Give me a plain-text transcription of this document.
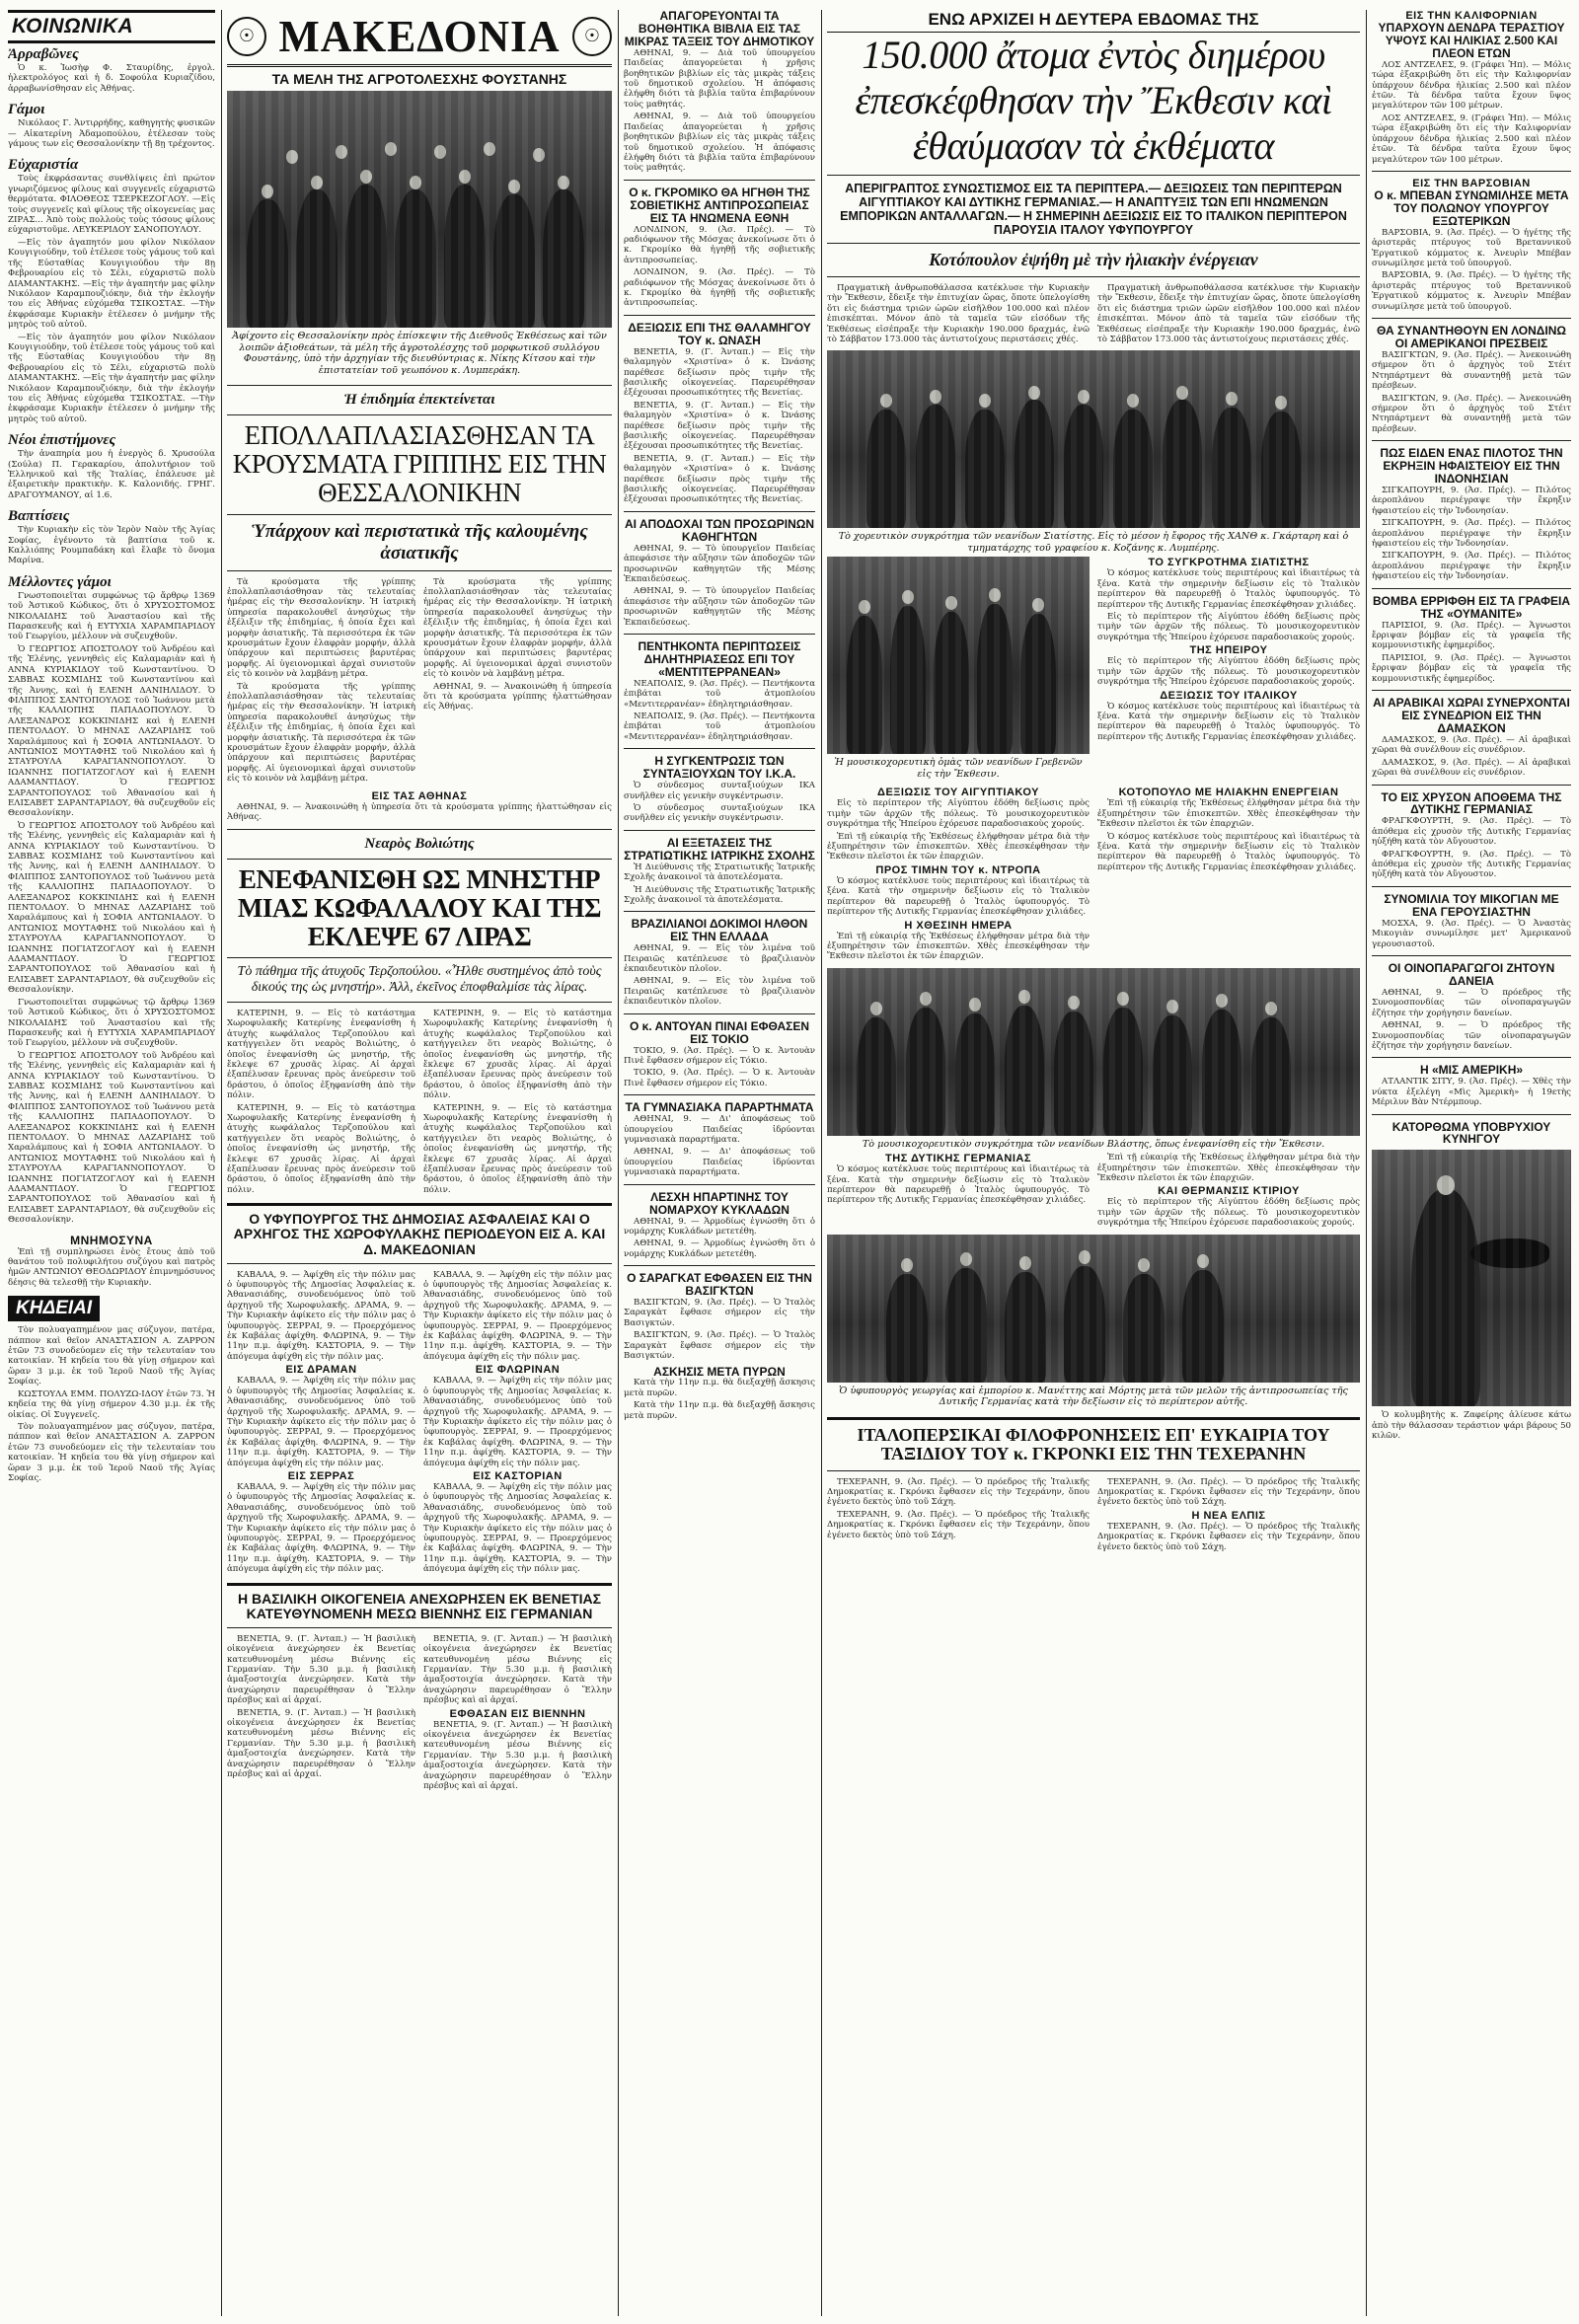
ΚΟΙΝΩΝΙΚΑ
Ἀρραβῶνες

Ὁ κ. Ἰωσὴφ Φ. Σταυρίδης, ἐργολ. ἠλεκτρολόγος καὶ ἡ δ. Σοφούλα Κυριαζίδου, ἀρραβωνίσθησαν εἰς Ἀθήνας.

Γάμοι

Νικόλαος Γ. Ἀντιρρήδης, καθηγητὴς φυσικῶν — Αἰκατερίνη Ἀδαμοπούλου, ἐτέλεσαν τοὺς γάμους των εἰς Θεσσαλονίκην τῇ 8ῃ τρέχοντος.

Εὐχαριστία

Τοὺς ἐκφράσαντας συνθλίψεις ἐπὶ πρώτον γνωριζόμενος φίλους καὶ συγγενεῖς εὐχαριστῶ θερμότατα. ΦΙΛΟΘΕΟΣ ΤΣΕΡΚΕΖΟΓΛΟΥ. —Εἰς τοὺς συγγενεῖς καὶ φίλους τῆς οἰκογενείας μας ΖΙΡΑΣ... Ἀπὸ τοὺς πολλοὺς τοὺς τόσους φίλους εὐχαριστοῦμε. ΛΕΥΚΕΡΙΔΟΥ ΣΑΝΟΠΟΥΛΟΥ.

—Εἰς τὸν ἀγαπητόν μου φίλον Νικόλαον Κουγιγιούδην, τοῦ ἐτέλεσε τοὺς γάμους τοῦ καὶ τῆς Εὐσταθίας Κουγιγιούδου τὴν 8ῃ Φεβρουαρίου εἰς τὸ Σέλι, εὐχαριστῶ πολὺ ΔΙΑΜΑΝΤΑΚΗΣ. —Εἰς τὴν ἀγαπητήν μας φίλην Νικόλαον Καραμπουζιόκην, διὰ τὴν ἐκλογήν του εἰς Ἀθήνας εὐχόμεθα ΤΣΙΚΟΣΤΑΣ. —Τὴν ἐκφράσαμε Κυριακὴν ἐτέλεσεν ὁ μνήμην τῆς μητρὸς τοῦ αὐτοῦ.

—Εἰς τὸν ἀγαπητόν μου φίλον Νικόλαον Κουγιγιούδην, τοῦ ἐτέλεσε τοὺς γάμους τοῦ καὶ τῆς Εὐσταθίας Κουγιγιούδου τὴν 8ῃ Φεβρουαρίου εἰς τὸ Σέλι, εὐχαριστῶ πολὺ ΔΙΑΜΑΝΤΑΚΗΣ. —Εἰς τὴν ἀγαπητήν μας φίλην Νικόλαον Καραμπουζιόκην, διὰ τὴν ἐκλογήν του εἰς Ἀθήνας εὐχόμεθα ΤΣΙΚΟΣΤΑΣ. —Τὴν ἐκφράσαμε Κυριακὴν ἐτέλεσεν ὁ μνήμην τῆς μητρὸς τοῦ αὐτοῦ.

Νέοι ἐπιστήμονες

Τὴν ἀναπηρία μου ἡ ἐνεργὸς δ. Χρυσούλα (Σούλα) Π. Γερακαρίου, ἀπολυτήριον τοῦ Ἑλληνικοῦ καὶ τῆς Ἰταλίας, ἐπάλευσε μὲ ἐξαιρετικὴν πρακτικὴν. Κ. Καλονιδής. ΓΡΗΓ. ΔΡΑΓΟΥΜΑΝΟΥ, αἱ 1.6.

Βαπτίσεις

Τὴν Κυριακὴν εἰς τὸν Ἱερὸν Ναὸν τῆς Ἁγίας Σοφίας, ἐγένοντο τὰ βαπτίσια τοῦ κ. Καλλιόπης Ρουμπαδάκη καὶ ἔλαβε τὸ ὄνομα Μαρίνα.

Μέλλοντες γάμοι

Γνωστοποιεῖται συμφώνως τῷ ἄρθρῳ 1369 τοῦ Ἀστικοῦ Κώδικος, ὅτι ὁ ΧΡΥΣΟΣΤΟΜΟΣ ΝΙΚΟΛΑΙΔΗΣ τοῦ Ἀναστασίου καὶ τῆς Παρασκευῆς καὶ ἡ ΕΥΤΥΧΙΑ ΧΑΡΑΜΠΑΡΙΔΟΥ τοῦ Γεωργίου, μέλλουν νὰ συζευχθοῦν.

Ὁ ΓΕΩΡΓΙΟΣ ΑΠΟΣΤΟΛΟΥ τοῦ Ἀνδρέου καὶ τῆς Ἑλένης, γεννηθεὶς εἰς Καλαμαριὰν καὶ ἡ ΑΝΝΑ ΚΥΡΙΑΚΙΔΟΥ τοῦ Κωνσταντίνου. Ὁ ΣΑΒΒΑΣ ΚΟΣΜΙΔΗΣ τοῦ Κωνσταντίνου καὶ τῆς Ἀννης, καὶ ἡ ΕΛΕΝΗ ΔΑΝΙΗΛΙΔΟΥ. Ὁ ΦΙΛΙΠΠΟΣ ΣΑΝΤΟΠΟΥΛΟΣ τοῦ Ἰωάννου μετὰ τῆς ΚΑΛΛΙΟΠΗΣ ΠΑΠΑΔΟΠΟΥΛΟΥ. Ὁ ΑΛΕΞΑΝΔΡΟΣ ΚΟΚΚΙΝΙΔΗΣ καὶ ἡ ΕΛΕΝΗ ΠΕΝΤΟΛΔΟΥ. Ὁ ΜΗΝΑΣ ΛΑΖΑΡΙΔΗΣ τοῦ Χαραλάμπους καὶ ἡ ΣΟΦΙΑ ΑΝΤΩΝΙΑΔΟΥ. Ὁ ΑΝΤΩΝΙΟΣ ΜΟΥΤΑΦΗΣ τοῦ Νικολάου καὶ ἡ ΣΤΑΥΡΟΥΛΑ ΚΑΡΑΓΙΑΝΝΟΠΟΥΛΟΥ. Ὁ ΙΩΑΝΝΗΣ ΠΟΓΙΑΤΖΟΓΛΟΥ καὶ ἡ ΕΛΕΝΗ ΑΔΑΜΑΝΤΙΔΟΥ. Ὁ ΓΕΩΡΓΙΟΣ ΣΑΡΑΝΤΟΠΟΥΛΟΣ τοῦ Ἀθανασίου καὶ ἡ ΕΛΙΣΑΒΕΤ ΣΑΡΑΝΤΑΡΙΔΟΥ, θὰ συζευχθοῦν εἰς Θεσσαλονίκην.

Ὁ ΓΕΩΡΓΙΟΣ ΑΠΟΣΤΟΛΟΥ τοῦ Ἀνδρέου καὶ τῆς Ἑλένης, γεννηθεὶς εἰς Καλαμαριὰν καὶ ἡ ΑΝΝΑ ΚΥΡΙΑΚΙΔΟΥ τοῦ Κωνσταντίνου. Ὁ ΣΑΒΒΑΣ ΚΟΣΜΙΔΗΣ τοῦ Κωνσταντίνου καὶ τῆς Ἀννης, καὶ ἡ ΕΛΕΝΗ ΔΑΝΙΗΛΙΔΟΥ. Ὁ ΦΙΛΙΠΠΟΣ ΣΑΝΤΟΠΟΥΛΟΣ τοῦ Ἰωάννου μετὰ τῆς ΚΑΛΛΙΟΠΗΣ ΠΑΠΑΔΟΠΟΥΛΟΥ. Ὁ ΑΛΕΞΑΝΔΡΟΣ ΚΟΚΚΙΝΙΔΗΣ καὶ ἡ ΕΛΕΝΗ ΠΕΝΤΟΛΔΟΥ. Ὁ ΜΗΝΑΣ ΛΑΖΑΡΙΔΗΣ τοῦ Χαραλάμπους καὶ ἡ ΣΟΦΙΑ ΑΝΤΩΝΙΑΔΟΥ. Ὁ ΑΝΤΩΝΙΟΣ ΜΟΥΤΑΦΗΣ τοῦ Νικολάου καὶ ἡ ΣΤΑΥΡΟΥΛΑ ΚΑΡΑΓΙΑΝΝΟΠΟΥΛΟΥ. Ὁ ΙΩΑΝΝΗΣ ΠΟΓΙΑΤΖΟΓΛΟΥ καὶ ἡ ΕΛΕΝΗ ΑΔΑΜΑΝΤΙΔΟΥ. Ὁ ΓΕΩΡΓΙΟΣ ΣΑΡΑΝΤΟΠΟΥΛΟΣ τοῦ Ἀθανασίου καὶ ἡ ΕΛΙΣΑΒΕΤ ΣΑΡΑΝΤΑΡΙΔΟΥ, θὰ συζευχθοῦν εἰς Θεσσαλονίκην.

Γνωστοποιεῖται συμφώνως τῷ ἄρθρῳ 1369 τοῦ Ἀστικοῦ Κώδικος, ὅτι ὁ ΧΡΥΣΟΣΤΟΜΟΣ ΝΙΚΟΛΑΙΔΗΣ τοῦ Ἀναστασίου καὶ τῆς Παρασκευῆς καὶ ἡ ΕΥΤΥΧΙΑ ΧΑΡΑΜΠΑΡΙΔΟΥ τοῦ Γεωργίου, μέλλουν νὰ συζευχθοῦν.

Ὁ ΓΕΩΡΓΙΟΣ ΑΠΟΣΤΟΛΟΥ τοῦ Ἀνδρέου καὶ τῆς Ἑλένης, γεννηθεὶς εἰς Καλαμαριὰν καὶ ἡ ΑΝΝΑ ΚΥΡΙΑΚΙΔΟΥ τοῦ Κωνσταντίνου. Ὁ ΣΑΒΒΑΣ ΚΟΣΜΙΔΗΣ τοῦ Κωνσταντίνου καὶ τῆς Ἀννης, καὶ ἡ ΕΛΕΝΗ ΔΑΝΙΗΛΙΔΟΥ. Ὁ ΦΙΛΙΠΠΟΣ ΣΑΝΤΟΠΟΥΛΟΣ τοῦ Ἰωάννου μετὰ τῆς ΚΑΛΛΙΟΠΗΣ ΠΑΠΑΔΟΠΟΥΛΟΥ. Ὁ ΑΛΕΞΑΝΔΡΟΣ ΚΟΚΚΙΝΙΔΗΣ καὶ ἡ ΕΛΕΝΗ ΠΕΝΤΟΛΔΟΥ. Ὁ ΜΗΝΑΣ ΛΑΖΑΡΙΔΗΣ τοῦ Χαραλάμπους καὶ ἡ ΣΟΦΙΑ ΑΝΤΩΝΙΑΔΟΥ. Ὁ ΑΝΤΩΝΙΟΣ ΜΟΥΤΑΦΗΣ τοῦ Νικολάου καὶ ἡ ΣΤΑΥΡΟΥΛΑ ΚΑΡΑΓΙΑΝΝΟΠΟΥΛΟΥ. Ὁ ΙΩΑΝΝΗΣ ΠΟΓΙΑΤΖΟΓΛΟΥ καὶ ἡ ΕΛΕΝΗ ΑΔΑΜΑΝΤΙΔΟΥ. Ὁ ΓΕΩΡΓΙΟΣ ΣΑΡΑΝΤΟΠΟΥΛΟΣ τοῦ Ἀθανασίου καὶ ἡ ΕΛΙΣΑΒΕΤ ΣΑΡΑΝΤΑΡΙΔΟΥ, θὰ συζευχθοῦν εἰς Θεσσαλονίκην.

ΜΝΗΜΟΣΥΝΑ

Ἐπὶ τῇ συμπληρώσει ἑνὸς ἔτους ἀπὸ τοῦ θανάτου τοῦ πολυφιλήτου συζύγου καὶ πατρὸς ἡμῶν ΑΝΤΩΝΙΟΥ ΘΕΟΔΩΡΙΔΟΥ ἐπιμνημόσυνος δέησις θὰ τελεσθῇ τὴν Κυριακὴν.

ΚΗΔΕΙΑΙ

Τὸν πολυαγαπημένον μας σύζυγον, πατέρα, πάππον καὶ θεῖον ΑΝΑΣΤΑΣΙΟΝ Α. ΖΑΡΡΟΝ ἐτῶν 73 συνοδεύομεν εἰς τὴν τελευταίαν του κατοικίαν. Ἡ κηδεία του θὰ γίνῃ σήμερον καὶ ὥραν 3 μ.μ. ἐκ τοῦ Ἱεροῦ Ναοῦ τῆς Ἁγίας Σοφίας.

ΚΩΣΤΟΥΛΑ ΕΜΜ. ΠΟΛΥΖΩ-ΙΔΟΥ ἐτῶν 73. Ἡ κηδεία της θὰ γίνῃ σήμερον 4.30 μ.μ. ἐκ τῆς οἰκίας. Οἱ Συγγενεῖς.

Τὸν πολυαγαπημένον μας σύζυγον, πατέρα, πάππον καὶ θεῖον ΑΝΑΣΤΑΣΙΟΝ Α. ΖΑΡΡΟΝ ἐτῶν 73 συνοδεύομεν εἰς τὴν τελευταίαν του κατοικίαν. Ἡ κηδεία του θὰ γίνῃ σήμερον καὶ ὥραν 3 μ.μ. ἐκ τοῦ Ἱεροῦ Ναοῦ τῆς Ἁγίας Σοφίας.

☉ ΜΑΚΕΔΟΝΙΑ	☉
ΤΑ ΜΕΛΗ ΤΗΣ ΑΓΡΟΤΟΛΕΣΧΗΣ ΦΟΥΣΤΑΝΗΣ
Ἀφίχοντο εἰς Θεσσαλονίκην πρὸς ἐπίσκεψιν τῆς Διεθνοῦς Ἐκθέσεως καὶ τῶν λοιπῶν ἀξιοθεάτων, τὰ μέλη τῆς ἀγροτολέσχης τοῦ μορφωτικοῦ συλλόγου Φουστάνης, ὑπὸ τὴν ἀρχηγίαν τῆς διευθύντριας κ. Νίκης Κίτσου καὶ τὴν ἐπιστατείαν τοῦ γεωπόνου κ. Λυμπεράκη.
Ἡ ἐπιδημία ἐπεκτείνεται
ΕΠΟΛΛΑΠΛΑΣΙΑΣΘΗΣΑΝ ΤΑ ΚΡΟΥΣΜΑΤΑ ΓΡΙΠΠΗΣ ΕΙΣ ΤΗΝ ΘΕΣΣΑΛΟΝΙΚΗΝ
Ὑπάρχουν καὶ περιστατικὰ τῆς καλουμένης ἀσιατικῆς

Τὰ κρούσματα τῆς γρίππης ἐπολλαπλασιάσθησαν τὰς τελευταίας ἡμέρας εἰς τὴν Θεσσαλονίκην. Ἡ ἰατρικὴ ὑπηρεσία παρακολουθεῖ ἀνησύχως τὴν ἐξέλιξιν τῆς ἐπιδημίας, ἡ ὁποία ἔχει καὶ μορφὴν ἀσιατικῆς. Τὰ περισσότερα ἐκ τῶν κρουσμάτων ἔχουν ἐλαφρὰν μορφήν, ἀλλὰ ὑπάρχουν καὶ περιπτώσεις βαρυτέρας μορφῆς. Αἱ ὑγειονομικαὶ ἀρχαὶ συνιστοῦν εἰς τὸ κοινὸν νὰ λαμβάνῃ μέτρα.

Τὰ κρούσματα τῆς γρίππης ἐπολλαπλασιάσθησαν τὰς τελευταίας ἡμέρας εἰς τὴν Θεσσαλονίκην. Ἡ ἰατρικὴ ὑπηρεσία παρακολουθεῖ ἀνησύχως τὴν ἐξέλιξιν τῆς ἐπιδημίας, ἡ ὁποία ἔχει καὶ μορφὴν ἀσιατικῆς. Τὰ περισσότερα ἐκ τῶν κρουσμάτων ἔχουν ἐλαφρὰν μορφήν, ἀλλὰ ὑπάρχουν καὶ περιπτώσεις βαρυτέρας μορφῆς. Αἱ ὑγειονομικαὶ ἀρχαὶ συνιστοῦν εἰς τὸ κοινὸν νὰ λαμβάνῃ μέτρα.

Τὰ κρούσματα τῆς γρίππης ἐπολλαπλασιάσθησαν τὰς τελευταίας ἡμέρας εἰς τὴν Θεσσαλονίκην. Ἡ ἰατρικὴ ὑπηρεσία παρακολουθεῖ ἀνησύχως τὴν ἐξέλιξιν τῆς ἐπιδημίας, ἡ ὁποία ἔχει καὶ μορφὴν ἀσιατικῆς. Τὰ περισσότερα ἐκ τῶν κρουσμάτων ἔχουν ἐλαφρὰν μορφήν, ἀλλὰ ὑπάρχουν καὶ περιπτώσεις βαρυτέρας μορφῆς. Αἱ ὑγειονομικαὶ ἀρχαὶ συνιστοῦν εἰς τὸ κοινὸν νὰ λαμβάνῃ μέτρα.

ΑΘΗΝΑΙ, 9. — Ἀνακοινώθη ἡ ὑπηρεσία ὅτι τὰ κρούσματα γρίππης ἠλαττώθησαν εἰς Ἀθήνας.

ΕΙΣ ΤΑΣ ΑΘΗΝΑΣ

ΑΘΗΝΑΙ, 9. — Ἀνακοινώθη ἡ ὑπηρεσία ὅτι τὰ κρούσματα γρίππης ἠλαττώθησαν εἰς Ἀθήνας.

Νεαρὸς Βολιώτης
ΕΝΕΦΑΝΙΣΘΗ ΩΣ ΜΝΗΣΤΗΡ ΜΙΑΣ ΚΩΦΑΛΑΛΟΥ ΚΑΙ ΤΗΣ ΕΚΛΕΨΕ 67 ΛΙΡΑΣ
Τὸ πάθημα τῆς ἀτυχοῦς Τερζοπούλου. «Ἦλθε συστημένος ἀπὸ τοὺς δικούς της ὡς μνηστήρ». Ἀλλ, ἐκεῖνος ἐποφθαλμίσε τὰς λίρας.

ΚΑΤΕΡΙΝΗ, 9. — Εἰς τὸ κατάστημα Χωροφυλακῆς Κατερίνης ἐνεφανίσθη ἡ ἀτυχὴς κωφάλαλος Τερζοπούλου καὶ κατήγγειλεν ὅτι νεαρὸς Βολιώτης, ὁ ὁποῖος ἐνεφανίσθη ὡς μνηστήρ, τῆς ἔκλεψε 67 χρυσᾶς λίρας. Αἱ ἀρχαὶ ἐξαπέλυσαν ἔρευνας πρὸς ἀνεύρεσιν τοῦ δράστου, ὁ ὁποῖος ἐξηφανίσθη ἀπὸ τὴν πόλιν.

ΚΑΤΕΡΙΝΗ, 9. — Εἰς τὸ κατάστημα Χωροφυλακῆς Κατερίνης ἐνεφανίσθη ἡ ἀτυχὴς κωφάλαλος Τερζοπούλου καὶ κατήγγειλεν ὅτι νεαρὸς Βολιώτης, ὁ ὁποῖος ἐνεφανίσθη ὡς μνηστήρ, τῆς ἔκλεψε 67 χρυσᾶς λίρας. Αἱ ἀρχαὶ ἐξαπέλυσαν ἔρευνας πρὸς ἀνεύρεσιν τοῦ δράστου, ὁ ὁποῖος ἐξηφανίσθη ἀπὸ τὴν πόλιν.

ΚΑΤΕΡΙΝΗ, 9. — Εἰς τὸ κατάστημα Χωροφυλακῆς Κατερίνης ἐνεφανίσθη ἡ ἀτυχὴς κωφάλαλος Τερζοπούλου καὶ κατήγγειλεν ὅτι νεαρὸς Βολιώτης, ὁ ὁποῖος ἐνεφανίσθη ὡς μνηστήρ, τῆς ἔκλεψε 67 χρυσᾶς λίρας. Αἱ ἀρχαὶ ἐξαπέλυσαν ἔρευνας πρὸς ἀνεύρεσιν τοῦ δράστου, ὁ ὁποῖος ἐξηφανίσθη ἀπὸ τὴν πόλιν.

ΚΑΤΕΡΙΝΗ, 9. — Εἰς τὸ κατάστημα Χωροφυλακῆς Κατερίνης ἐνεφανίσθη ἡ ἀτυχὴς κωφάλαλος Τερζοπούλου καὶ κατήγγειλεν ὅτι νεαρὸς Βολιώτης, ὁ ὁποῖος ἐνεφανίσθη ὡς μνηστήρ, τῆς ἔκλεψε 67 χρυσᾶς λίρας. Αἱ ἀρχαὶ ἐξαπέλυσαν ἔρευνας πρὸς ἀνεύρεσιν τοῦ δράστου, ὁ ὁποῖος ἐξηφανίσθη ἀπὸ τὴν πόλιν.

Ο ΥΦΥΠΟΥΡΓΟΣ ΤΗΣ ΔΗΜΟΣΙΑΣ ΑΣΦΑΛΕΙΑΣ ΚΑΙ Ο ΑΡΧΗΓΟΣ ΤΗΣ ΧΩΡΟΦΥΛΑΚΗΣ ΠΕΡΙΟΔΕΥΟΝ ΕΙΣ Α. ΚΑΙ Δ. ΜΑΚΕΔΟΝΙΑΝ

ΚΑΒΑΛΑ, 9. — Ἀφίχθη εἰς τὴν πόλιν μας ὁ ὑφυπουργὸς τῆς Δημοσίας Ἀσφαλείας κ. Ἀθανασιάδης, συνοδευόμενος ὑπὸ τοῦ ἀρχηγοῦ τῆς Χωροφυλακῆς. ΔΡΑΜΑ, 9. — Τὴν Κυριακὴν ἀφίκετο εἰς τὴν πόλιν μας ὁ ὑφυπουργὸς. ΣΕΡΡΑΙ, 9. — Προερχόμενος ἐκ Καβάλας ἀφίχθη. ΦΛΩΡΙΝΑ, 9. — Τὴν 11ην π.μ. ἀφίχθη. ΚΑΣΤΟΡΙΑ, 9. — Τὴν ἀπόγευμα ἀφίχθη εἰς τὴν πόλιν μας.

ΕΙΣ ΔΡΑΜΑΝ

ΚΑΒΑΛΑ, 9. — Ἀφίχθη εἰς τὴν πόλιν μας ὁ ὑφυπουργὸς τῆς Δημοσίας Ἀσφαλείας κ. Ἀθανασιάδης, συνοδευόμενος ὑπὸ τοῦ ἀρχηγοῦ τῆς Χωροφυλακῆς. ΔΡΑΜΑ, 9. — Τὴν Κυριακὴν ἀφίκετο εἰς τὴν πόλιν μας ὁ ὑφυπουργὸς. ΣΕΡΡΑΙ, 9. — Προερχόμενος ἐκ Καβάλας ἀφίχθη. ΦΛΩΡΙΝΑ, 9. — Τὴν 11ην π.μ. ἀφίχθη. ΚΑΣΤΟΡΙΑ, 9. — Τὴν ἀπόγευμα ἀφίχθη εἰς τὴν πόλιν μας.

ΕΙΣ ΣΕΡΡΑΣ

ΚΑΒΑΛΑ, 9. — Ἀφίχθη εἰς τὴν πόλιν μας ὁ ὑφυπουργὸς τῆς Δημοσίας Ἀσφαλείας κ. Ἀθανασιάδης, συνοδευόμενος ὑπὸ τοῦ ἀρχηγοῦ τῆς Χωροφυλακῆς. ΔΡΑΜΑ, 9. — Τὴν Κυριακὴν ἀφίκετο εἰς τὴν πόλιν μας ὁ ὑφυπουργὸς. ΣΕΡΡΑΙ, 9. — Προερχόμενος ἐκ Καβάλας ἀφίχθη. ΦΛΩΡΙΝΑ, 9. — Τὴν 11ην π.μ. ἀφίχθη. ΚΑΣΤΟΡΙΑ, 9. — Τὴν ἀπόγευμα ἀφίχθη εἰς τὴν πόλιν μας.

ΚΑΒΑΛΑ, 9. — Ἀφίχθη εἰς τὴν πόλιν μας ὁ ὑφυπουργὸς τῆς Δημοσίας Ἀσφαλείας κ. Ἀθανασιάδης, συνοδευόμενος ὑπὸ τοῦ ἀρχηγοῦ τῆς Χωροφυλακῆς. ΔΡΑΜΑ, 9. — Τὴν Κυριακὴν ἀφίκετο εἰς τὴν πόλιν μας ὁ ὑφυπουργὸς. ΣΕΡΡΑΙ, 9. — Προερχόμενος ἐκ Καβάλας ἀφίχθη. ΦΛΩΡΙΝΑ, 9. — Τὴν 11ην π.μ. ἀφίχθη. ΚΑΣΤΟΡΙΑ, 9. — Τὴν ἀπόγευμα ἀφίχθη εἰς τὴν πόλιν μας.

ΕΙΣ ΦΛΩΡΙΝΑΝ

ΚΑΒΑΛΑ, 9. — Ἀφίχθη εἰς τὴν πόλιν μας ὁ ὑφυπουργὸς τῆς Δημοσίας Ἀσφαλείας κ. Ἀθανασιάδης, συνοδευόμενος ὑπὸ τοῦ ἀρχηγοῦ τῆς Χωροφυλακῆς. ΔΡΑΜΑ, 9. — Τὴν Κυριακὴν ἀφίκετο εἰς τὴν πόλιν μας ὁ ὑφυπουργὸς. ΣΕΡΡΑΙ, 9. — Προερχόμενος ἐκ Καβάλας ἀφίχθη. ΦΛΩΡΙΝΑ, 9. — Τὴν 11ην π.μ. ἀφίχθη. ΚΑΣΤΟΡΙΑ, 9. — Τὴν ἀπόγευμα ἀφίχθη εἰς τὴν πόλιν μας.

ΕΙΣ ΚΑΣΤΟΡΙΑΝ

ΚΑΒΑΛΑ, 9. — Ἀφίχθη εἰς τὴν πόλιν μας ὁ ὑφυπουργὸς τῆς Δημοσίας Ἀσφαλείας κ. Ἀθανασιάδης, συνοδευόμενος ὑπὸ τοῦ ἀρχηγοῦ τῆς Χωροφυλακῆς. ΔΡΑΜΑ, 9. — Τὴν Κυριακὴν ἀφίκετο εἰς τὴν πόλιν μας ὁ ὑφυπουργὸς. ΣΕΡΡΑΙ, 9. — Προερχόμενος ἐκ Καβάλας ἀφίχθη. ΦΛΩΡΙΝΑ, 9. — Τὴν 11ην π.μ. ἀφίχθη. ΚΑΣΤΟΡΙΑ, 9. — Τὴν ἀπόγευμα ἀφίχθη εἰς τὴν πόλιν μας.

Η ΒΑΣΙΛΙΚΗ ΟΙΚΟΓΕΝΕΙΑ ΑΝΕΧΩΡΗΣΕΝ ΕΚ ΒΕΝΕΤΙΑΣ ΚΑΤΕΥΘΥΝΟΜΕΝΗ ΜΕΣΩ ΒΙΕΝΝΗΣ ΕΙΣ ΓΕΡΜΑΝΙΑΝ

ΒΕΝΕΤΙΑ, 9. (Γ. Ἀνταπ.) — Ἡ βασιλικὴ οἰκογένεια ἀνεχώρησεν ἐκ Βενετίας κατευθυνομένη μέσω Βιέννης εἰς Γερμανίαν. Τὴν 5.30 μ.μ. ἡ βασιλικὴ ἀμαξοστοιχία ἀνεχώρησεν. Κατὰ τὴν ἀναχώρησιν παρευρέθησαν ὁ Ἕλλην πρέσβυς καὶ αἱ ἀρχαί.

ΒΕΝΕΤΙΑ, 9. (Γ. Ἀνταπ.) — Ἡ βασιλικὴ οἰκογένεια ἀνεχώρησεν ἐκ Βενετίας κατευθυνομένη μέσω Βιέννης εἰς Γερμανίαν. Τὴν 5.30 μ.μ. ἡ βασιλικὴ ἀμαξοστοιχία ἀνεχώρησεν. Κατὰ τὴν ἀναχώρησιν παρευρέθησαν ὁ Ἕλλην πρέσβυς καὶ αἱ ἀρχαί.

ΒΕΝΕΤΙΑ, 9. (Γ. Ἀνταπ.) — Ἡ βασιλικὴ οἰκογένεια ἀνεχώρησεν ἐκ Βενετίας κατευθυνομένη μέσω Βιέννης εἰς Γερμανίαν. Τὴν 5.30 μ.μ. ἡ βασιλικὴ ἀμαξοστοιχία ἀνεχώρησεν. Κατὰ τὴν ἀναχώρησιν παρευρέθησαν ὁ Ἕλλην πρέσβυς καὶ αἱ ἀρχαί.

ΕΦΘΑΣΑΝ ΕΙΣ ΒΙΕΝΝΗΝ

ΒΕΝΕΤΙΑ, 9. (Γ. Ἀνταπ.) — Ἡ βασιλικὴ οἰκογένεια ἀνεχώρησεν ἐκ Βενετίας κατευθυνομένη μέσω Βιέννης εἰς Γερμανίαν. Τὴν 5.30 μ.μ. ἡ βασιλικὴ ἀμαξοστοιχία ἀνεχώρησεν. Κατὰ τὴν ἀναχώρησιν παρευρέθησαν ὁ Ἕλλην πρέσβυς καὶ αἱ ἀρχαί.

ΑΠΑΓΟΡΕΥΟΝΤΑΙ ΤΑ ΒΟΗΘΗΤΙΚΑ ΒΙΒΛΙΑ ΕΙΣ ΤΑΣ ΜΙΚΡΑΣ ΤΑΞΕΙΣ ΤΟΥ ΔΗΜΟΤΙΚΟΥ

ΑΘΗΝΑΙ, 9. — Διὰ τοῦ ὑπουργείου Παιδείας ἀπαγορεύεται ἡ χρῆσις βοηθητικῶν βιβλίων εἰς τὰς μικρὰς τάξεις τοῦ δημοτικοῦ σχολείου. Ἡ ἀπόφασις ἐλήφθη διότι τὰ βιβλία ταῦτα ἐπιβαρύνουν τοὺς μαθητάς.

ΑΘΗΝΑΙ, 9. — Διὰ τοῦ ὑπουργείου Παιδείας ἀπαγορεύεται ἡ χρῆσις βοηθητικῶν βιβλίων εἰς τὰς μικρὰς τάξεις τοῦ δημοτικοῦ σχολείου. Ἡ ἀπόφασις ἐλήφθη διότι τὰ βιβλία ταῦτα ἐπιβαρύνουν τοὺς μαθητάς.

Ο κ. ΓΚΡΟΜΙΚΟ ΘΑ ΗΓΗΘΗ ΤΗΣ ΣΟΒΙΕΤΙΚΗΣ ΑΝΤΙΠΡΟΣΩΠΕΙΑΣ ΕΙΣ ΤΑ ΗΝΩΜΕΝΑ ΕΘΝΗ

ΛΟΝΔΙΝΟΝ, 9. (Ἀσ. Πρές). — Τὸ ραδιόφωνον τῆς Μόσχας ἀνεκοίνωσε ὅτι ὁ κ. Γκρομίκο θὰ ἡγηθῇ τῆς σοβιετικῆς ἀντιπροσωπείας.

ΛΟΝΔΙΝΟΝ, 9. (Ἀσ. Πρές). — Τὸ ραδιόφωνον τῆς Μόσχας ἀνεκοίνωσε ὅτι ὁ κ. Γκρομίκο θὰ ἡγηθῇ τῆς σοβιετικῆς ἀντιπροσωπείας.

ΔΕΞΙΩΣΙΣ ΕΠΙ ΤΗΣ ΘΑΛΑΜΗΓΟΥ ΤΟΥ κ. ΩΝΑΣΗ

ΒΕΝΕΤΙΑ, 9. (Γ. Ἀνταπ.) — Εἰς τὴν θαλαμηγὸν «Χριστίνα» ὁ κ. Ὠνάσης παρέθεσε δεξίωσιν πρὸς τιμὴν τῆς βασιλικῆς οἰκογενείας. Παρευρέθησαν ἐξέχουσαι προσωπικότητες τῆς Βενετίας.

ΒΕΝΕΤΙΑ, 9. (Γ. Ἀνταπ.) — Εἰς τὴν θαλαμηγὸν «Χριστίνα» ὁ κ. Ὠνάσης παρέθεσε δεξίωσιν πρὸς τιμὴν τῆς βασιλικῆς οἰκογενείας. Παρευρέθησαν ἐξέχουσαι προσωπικότητες τῆς Βενετίας.

ΒΕΝΕΤΙΑ, 9. (Γ. Ἀνταπ.) — Εἰς τὴν θαλαμηγὸν «Χριστίνα» ὁ κ. Ὠνάσης παρέθεσε δεξίωσιν πρὸς τιμὴν τῆς βασιλικῆς οἰκογενείας. Παρευρέθησαν ἐξέχουσαι προσωπικότητες τῆς Βενετίας.

ΑΙ ΑΠΟΔΟΧΑΙ ΤΩΝ ΠΡΟΣΩΡΙΝΩΝ ΚΑΘΗΓΗΤΩΝ

ΑΘΗΝΑΙ, 9. — Τὸ ὑπουργεῖον Παιδείας ἀπεφάσισε τὴν αὔξησιν τῶν ἀποδοχῶν τῶν προσωρινῶν καθηγητῶν τῆς Μέσης Ἐκπαιδεύσεως.

ΑΘΗΝΑΙ, 9. — Τὸ ὑπουργεῖον Παιδείας ἀπεφάσισε τὴν αὔξησιν τῶν ἀποδοχῶν τῶν προσωρινῶν καθηγητῶν τῆς Μέσης Ἐκπαιδεύσεως.

ΠΕΝΤΗΚΟΝΤΑ ΠΕΡΙΠΤΩΣΕΙΣ ΔΗΛΗΤΗΡΙΑΣΕΩΣ ΕΠΙ ΤΟΥ «ΜΕΝΤΙΤΕΡΡΑΝΕΑΝ»

ΝΕΑΠΟΛΙΣ, 9. (Ἀσ. Πρές). — Πεντήκοντα ἐπιβάται τοῦ ἀτμοπλοίου «Μεντιτερρανέαν» ἐδηλητηριάσθησαν.

ΝΕΑΠΟΛΙΣ, 9. (Ἀσ. Πρές). — Πεντήκοντα ἐπιβάται τοῦ ἀτμοπλοίου «Μεντιτερρανέαν» ἐδηλητηριάσθησαν.

Η ΣΥΓΚΕΝΤΡΩΣΙΣ ΤΩΝ ΣΥΝΤΑΞΙΟΥΧΩΝ ΤΟΥ Ι.Κ.Α.

Ὁ σύνδεσμος συνταξιούχων ΙΚΑ συνῆλθεν εἰς γενικὴν συγκέντρωσιν.

Ὁ σύνδεσμος συνταξιούχων ΙΚΑ συνῆλθεν εἰς γενικὴν συγκέντρωσιν.

ΑΙ ΕΞΕΤΑΣΕΙΣ ΤΗΣ ΣΤΡΑΤΙΩΤΙΚΗΣ ΙΑΤΡΙΚΗΣ ΣΧΟΛΗΣ

Ἡ Διεύθυνσις τῆς Στρατιωτικῆς Ἰατρικῆς Σχολῆς ἀνακοινοῖ τὰ ἀποτελέσματα.

Ἡ Διεύθυνσις τῆς Στρατιωτικῆς Ἰατρικῆς Σχολῆς ἀνακοινοῖ τὰ ἀποτελέσματα.

ΒΡΑΖΙΛΙΑΝΟΙ ΔΟΚΙΜΟΙ ΗΛΘΟΝ ΕΙΣ ΤΗΝ ΕΛΛΑΔΑ

ΑΘΗΝΑΙ, 9. — Εἰς τὸν λιμένα τοῦ Πειραιῶς κατέπλευσε τὸ βραζιλιανὸν ἐκπαιδευτικὸν πλοῖον.

ΑΘΗΝΑΙ, 9. — Εἰς τὸν λιμένα τοῦ Πειραιῶς κατέπλευσε τὸ βραζιλιανὸν ἐκπαιδευτικὸν πλοῖον.

Ο κ. ΑΝΤΟΥΑΝ ΠΙΝΑΙ ΕΦΘΑΣΕΝ ΕΙΣ ΤΟΚΙΟ

ΤΟΚΙΟ, 9. (Ἀσ. Πρές). — Ὁ κ. Ἀντουὰν Πινὲ ἔφθασεν σήμερον εἰς Τόκιο.

ΤΟΚΙΟ, 9. (Ἀσ. Πρές). — Ὁ κ. Ἀντουὰν Πινὲ ἔφθασεν σήμερον εἰς Τόκιο.

ΤΑ ΓΥΜΝΑΣΙΑΚΑ ΠΑΡΑΡΤΗΜΑΤΑ

ΑΘΗΝΑΙ, 9. — Δι' ἀποφάσεως τοῦ ὑπουργείου Παιδείας ἱδρύονται γυμνασιακὰ παραρτήματα.

ΑΘΗΝΑΙ, 9. — Δι' ἀποφάσεως τοῦ ὑπουργείου Παιδείας ἱδρύονται γυμνασιακὰ παραρτήματα.

ΛΕΣΧΗ ΗΠΑΡΤΙΝΗΣ ΤΟΥ ΝΟΜΑΡΧΟΥ ΚΥΚΛΑΔΩΝ

ΑΘΗΝΑΙ, 9. — Ἀρμοδίως ἐγνώσθη ὅτι ὁ νομάρχης Κυκλάδων μετετέθη.

ΑΘΗΝΑΙ, 9. — Ἀρμοδίως ἐγνώσθη ὅτι ὁ νομάρχης Κυκλάδων μετετέθη.

Ο ΣΑΡΑΓΚΑΤ ΕΦΘΑΣΕΝ ΕΙΣ ΤΗΝ ΒΑΣΙΓΚΤΩΝ

ΒΑΣΙΓΚΤΩΝ, 9. (Ἀσ. Πρές). — Ὁ Ἰταλὸς Σαραγκὰτ ἔφθασε σήμερον εἰς τὴν Βασιγκτών.

ΒΑΣΙΓΚΤΩΝ, 9. (Ἀσ. Πρές). — Ὁ Ἰταλὸς Σαραγκὰτ ἔφθασε σήμερον εἰς τὴν Βασιγκτών.

ΑΣΚΗΣΙΣ ΜΕΤΑ ΠΥΡΩΝ

Κατὰ τὴν 11ην π.μ. θὰ διεξαχθῇ ἄσκησις μετὰ πυρῶν.

Κατὰ τὴν 11ην π.μ. θὰ διεξαχθῇ ἄσκησις μετὰ πυρῶν.

ΕΝΩ ΑΡΧΙΖΕΙ Η ΔΕΥΤΕΡΑ ΕΒΔΟΜΑΣ ΤΗΣ
150.000 ἄτομα ἐντὸς διημέρου ἐπεσκέφθησαν τὴν Ἔκθεσιν καὶ ἐθαύμασαν τὰ ἐκθέματα
ΑΠΕΡΙΓΡΑΠΤΟΣ ΣΥΝΩΣΤΙΣΜΟΣ ΕΙΣ ΤΑ ΠΕΡΙΠΤΕΡΑ.— ΔΕΞΙΩΣΕΙΣ ΤΩΝ ΠΕΡΙΠΤΕΡΩΝ ΑΙΓΥΠΤΙΑΚΟΥ ΚΑΙ ΔΥΤΙΚΗΣ ΓΕΡΜΑΝΙΑΣ.— Η ΑΝΑΠΤΥΞΙΣ ΤΩΝ ΕΠΙ ΗΝΩΜΕΝΩΝ ΕΜΠΟΡΙΚΩΝ ΑΝΤΑΛΛΑΓΩΝ.— Η ΣΗΜΕΡΙΝΗ ΔΕΞΙΩΣΙΣ ΕΙΣ ΤΟ ΙΤΑΛΙΚΟΝ ΠΕΡΙΠΤΕΡΟΝ ΠΑΡΟΥΣΙΑ ΙΤΑΛΟΥ ΥΦΥΠΟΥΡΓΟΥ
Κοτόπουλον ἐψήθη μὲ τὴν ἡλιακὴν ἐνέργειαν

Πραγματικὴ ἀνθρωποθάλασσα κατέκλυσε τὴν Κυριακὴν τὴν Ἔκθεσιν, ἔδειξε τὴν ἐπιτυχίαν ὥρας, ὅποτε ὑπελογίσθη ὅτι εἰς διάστημα τριῶν ὡρῶν εἰσῆλθον 100.000 καὶ πλέον ἐπισκέπται. Μόνον ἀπὸ τὰ ταμεῖα τῶν εἰσόδων τῆς Ἐκθέσεως εἰσέπραξε τὴν Κυριακὴν 190.000 δραχμάς, ἐνῶ τὸ Σάββατον 173.000 τὰς ἀντιστοίχους περιστάσεις χθές.

Πραγματικὴ ἀνθρωποθάλασσα κατέκλυσε τὴν Κυριακὴν τὴν Ἔκθεσιν, ἔδειξε τὴν ἐπιτυχίαν ὥρας, ὅποτε ὑπελογίσθη ὅτι εἰς διάστημα τριῶν ὡρῶν εἰσῆλθον 100.000 καὶ πλέον ἐπισκέπται. Μόνον ἀπὸ τὰ ταμεῖα τῶν εἰσόδων τῆς Ἐκθέσεως εἰσέπραξε τὴν Κυριακὴν 190.000 δραχμάς, ἐνῶ τὸ Σάββατον 173.000 τὰς ἀντιστοίχους περιστάσεις χθές.

Τὸ χορευτικὸν συγκρότημα τῶν νεανίδων Σιατίστης. Εἰς τὸ μέσον ἡ ἔφορος τῆς ΧΑΝΘ κ. Γκάρταρη καὶ ὁ τμηματάρχης τοῦ γραφείου κ. Κοζάνης κ. Λυμπέρης.
Ἡ μουσικοχορευτικὴ ὁμὰς τῶν νεανίδων Γρεβενῶν εἰς τὴν Ἔκθεσιν.
ΤΟ ΣΥΓΚΡΟΤΗΜΑ ΣΙΑΤΙΣΤΗΣ

Ὁ κόσμος κατέκλυσε τοὺς περιπτέρους καὶ ἰδιαιτέρως τὰ ξένα. Κατὰ τὴν σημερινὴν δεξίωσιν εἰς τὸ Ἰταλικὸν περίπτερον θὰ παρευρεθῇ ὁ Ἰταλὸς ὑφυπουργός. Τὸ περίπτερον τῆς Δυτικῆς Γερμανίας ἐπεσκέφθησαν χιλιάδες.

Εἰς τὸ περίπτερον τῆς Αἰγύπτου ἐδόθη δεξίωσις πρὸς τιμὴν τῶν ἀρχῶν τῆς πόλεως. Τὸ μουσικοχορευτικὸν συγκρότημα τῆς Ἠπείρου ἐχόρευσε παραδοσιακοὺς χορούς.

ΤΗΣ ΗΠΕΙΡΟΥ

Εἰς τὸ περίπτερον τῆς Αἰγύπτου ἐδόθη δεξίωσις πρὸς τιμὴν τῶν ἀρχῶν τῆς πόλεως. Τὸ μουσικοχορευτικὸν συγκρότημα τῆς Ἠπείρου ἐχόρευσε παραδοσιακοὺς χορούς.

ΔΕΞΙΩΣΙΣ ΤΟΥ ΙΤΑΛΙΚΟΥ

Ὁ κόσμος κατέκλυσε τοὺς περιπτέρους καὶ ἰδιαιτέρως τὰ ξένα. Κατὰ τὴν σημερινὴν δεξίωσιν εἰς τὸ Ἰταλικὸν περίπτερον θὰ παρευρεθῇ ὁ Ἰταλὸς ὑφυπουργός. Τὸ περίπτερον τῆς Δυτικῆς Γερμανίας ἐπεσκέφθησαν χιλιάδες.

ΔΕΞΙΩΣΙΣ ΤΟΥ ΑΙΓΥΠΤΙΑΚΟΥ

Εἰς τὸ περίπτερον τῆς Αἰγύπτου ἐδόθη δεξίωσις πρὸς τιμὴν τῶν ἀρχῶν τῆς πόλεως. Τὸ μουσικοχορευτικὸν συγκρότημα τῆς Ἠπείρου ἐχόρευσε παραδοσιακοὺς χορούς.

Ἐπὶ τῇ εὐκαιρίᾳ τῆς Ἐκθέσεως ἐλήφθησαν μέτρα διὰ τὴν ἐξυπηρέτησιν τῶν ἐπισκεπτῶν. Χθὲς ἐπεσκέφθησαν τὴν Ἔκθεσιν πλεῖστοι ἐκ τῶν ἐπαρχιῶν.

ΠΡΟΣ ΤΙΜΗΝ ΤΟΥ κ. ΝΤΡΟΠΑ

Ὁ κόσμος κατέκλυσε τοὺς περιπτέρους καὶ ἰδιαιτέρως τὰ ξένα. Κατὰ τὴν σημερινὴν δεξίωσιν εἰς τὸ Ἰταλικὸν περίπτερον θὰ παρευρεθῇ ὁ Ἰταλὸς ὑφυπουργός. Τὸ περίπτερον τῆς Δυτικῆς Γερμανίας ἐπεσκέφθησαν χιλιάδες.

Η ΧΘΕΣΙΝΗ ΗΜΕΡΑ

Ἐπὶ τῇ εὐκαιρίᾳ τῆς Ἐκθέσεως ἐλήφθησαν μέτρα διὰ τὴν ἐξυπηρέτησιν τῶν ἐπισκεπτῶν. Χθὲς ἐπεσκέφθησαν τὴν Ἔκθεσιν πλεῖστοι ἐκ τῶν ἐπαρχιῶν.

ΚΟΤΟΠΟΥΛΟ ΜΕ ΗΛΙΑΚΗΝ ΕΝΕΡΓΕΙΑΝ

Ἐπὶ τῇ εὐκαιρίᾳ τῆς Ἐκθέσεως ἐλήφθησαν μέτρα διὰ τὴν ἐξυπηρέτησιν τῶν ἐπισκεπτῶν. Χθὲς ἐπεσκέφθησαν τὴν Ἔκθεσιν πλεῖστοι ἐκ τῶν ἐπαρχιῶν.

Ὁ κόσμος κατέκλυσε τοὺς περιπτέρους καὶ ἰδιαιτέρως τὰ ξένα. Κατὰ τὴν σημερινὴν δεξίωσιν εἰς τὸ Ἰταλικὸν περίπτερον θὰ παρευρεθῇ ὁ Ἰταλὸς ὑφυπουργός. Τὸ περίπτερον τῆς Δυτικῆς Γερμανίας ἐπεσκέφθησαν χιλιάδες.

Τὸ μουσικοχορευτικὸν συγκρότημα τῶν νεανίδων Βλάστης, ὅπως ἐνεφανίσθη εἰς τὴν Ἔκθεσιν.
ΤΗΣ ΔΥΤΙΚΗΣ ΓΕΡΜΑΝΙΑΣ

Ὁ κόσμος κατέκλυσε τοὺς περιπτέρους καὶ ἰδιαιτέρως τὰ ξένα. Κατὰ τὴν σημερινὴν δεξίωσιν εἰς τὸ Ἰταλικὸν περίπτερον θὰ παρευρεθῇ ὁ Ἰταλὸς ὑφυπουργός. Τὸ περίπτερον τῆς Δυτικῆς Γερμανίας ἐπεσκέφθησαν χιλιάδες.

Ἐπὶ τῇ εὐκαιρίᾳ τῆς Ἐκθέσεως ἐλήφθησαν μέτρα διὰ τὴν ἐξυπηρέτησιν τῶν ἐπισκεπτῶν. Χθὲς ἐπεσκέφθησαν τὴν Ἔκθεσιν πλεῖστοι ἐκ τῶν ἐπαρχιῶν.

ΚΑΙ ΘΕΡΜΑΝΣΙΣ ΚΤΙΡΙΟΥ

Εἰς τὸ περίπτερον τῆς Αἰγύπτου ἐδόθη δεξίωσις πρὸς τιμὴν τῶν ἀρχῶν τῆς πόλεως. Τὸ μουσικοχορευτικὸν συγκρότημα τῆς Ἠπείρου ἐχόρευσε παραδοσιακοὺς χορούς.

Ὁ ὑφυπουργὸς γεωργίας καὶ ἐμπορίου κ. Μανέττης καὶ Μόρτης μετὰ τῶν μελῶν τῆς ἀντιπροσωπείας τῆς Δυτικῆς Γερμανίας κατὰ τὴν δεξίωσιν εἰς τὸ περίπτερον αὐτῆς.
ΙΤΑΛΟΠΕΡΣΙΚΑΙ ΦΙΛΟΦΡΟΝΗΣΕΙΣ ΕΠ' ΕΥΚΑΙΡΙΑ ΤΟΥ ΤΑΞΙΔΙΟΥ ΤΟΥ κ. ΓΚΡΟΝΚΙ ΕΙΣ ΤΗΝ ΤΕΧΕΡΑΝΗΝ

ΤΕΧΕΡΑΝΗ, 9. (Ἀσ. Πρές). — Ὁ πρόεδρος τῆς Ἰταλικῆς Δημοκρατίας κ. Γκρόνκι ἔφθασεν εἰς τὴν Τεχεράνην, ὅπου ἐγένετο δεκτὸς ὑπὸ τοῦ Σάχη.

ΤΕΧΕΡΑΝΗ, 9. (Ἀσ. Πρές). — Ὁ πρόεδρος τῆς Ἰταλικῆς Δημοκρατίας κ. Γκρόνκι ἔφθασεν εἰς τὴν Τεχεράνην, ὅπου ἐγένετο δεκτὸς ὑπὸ τοῦ Σάχη.

ΤΕΧΕΡΑΝΗ, 9. (Ἀσ. Πρές). — Ὁ πρόεδρος τῆς Ἰταλικῆς Δημοκρατίας κ. Γκρόνκι ἔφθασεν εἰς τὴν Τεχεράνην, ὅπου ἐγένετο δεκτὸς ὑπὸ τοῦ Σάχη.

Η ΝΕΑ ΕΛΠΙΣ

ΤΕΧΕΡΑΝΗ, 9. (Ἀσ. Πρές). — Ὁ πρόεδρος τῆς Ἰταλικῆς Δημοκρατίας κ. Γκρόνκι ἔφθασεν εἰς τὴν Τεχεράνην, ὅπου ἐγένετο δεκτὸς ὑπὸ τοῦ Σάχη.

ΕΙΣ ΤΗΝ ΚΑΛΙΦΟΡΝΙΑΝ
ΥΠΑΡΧΟΥΝ ΔΕΝΔΡΑ ΤΕΡΑΣΤΙΟΥ ΥΨΟΥΣ ΚΑΙ ΗΛΙΚΙΑΣ 2.500 ΚΑΙ ΠΛΕΟΝ ΕΤΩΝ

ΛΟΣ ΑΝΤΖΕΛΕΣ, 9. (Γράφει Ἡπ). — Μόλις τώρα ἐξακριβώθη ὅτι εἰς τὴν Καλιφορνίαν ὑπάρχουν δένδρα ἡλικίας 2.500 καὶ πλέον ἐτῶν. Τὰ δένδρα ταῦτα ἔχουν ὕψος μεγαλύτερον τῶν 100 μέτρων.

ΛΟΣ ΑΝΤΖΕΛΕΣ, 9. (Γράφει Ἡπ). — Μόλις τώρα ἐξακριβώθη ὅτι εἰς τὴν Καλιφορνίαν ὑπάρχουν δένδρα ἡλικίας 2.500 καὶ πλέον ἐτῶν. Τὰ δένδρα ταῦτα ἔχουν ὕψος μεγαλύτερον τῶν 100 μέτρων.

ΕΙΣ ΤΗΝ ΒΑΡΣΟΒΙΑΝ
Ο κ. ΜΠΕΒΑΝ ΣΥΝΩΜΙΛΗΣΕ ΜΕΤΑ ΤΟΥ ΠΟΛΩΝΟΥ ΥΠΟΥΡΓΟΥ ΕΞΩΤΕΡΙΚΩΝ

ΒΑΡΣΟΒΙΑ, 9. (Ἀσ. Πρές). — Ὁ ἡγέτης τῆς ἀριστερᾶς πτέρυγος τοῦ Βρεταννικοῦ Ἐργατικοῦ κόμματος κ. Ἀνευρὶν Μπέβαν συνωμίλησε μετὰ τοῦ ὑπουργοῦ.

ΒΑΡΣΟΒΙΑ, 9. (Ἀσ. Πρές). — Ὁ ἡγέτης τῆς ἀριστερᾶς πτέρυγος τοῦ Βρεταννικοῦ Ἐργατικοῦ κόμματος κ. Ἀνευρὶν Μπέβαν συνωμίλησε μετὰ τοῦ ὑπουργοῦ.

ΘΑ ΣΥΝΑΝΤΗΘΟΥΝ ΕΝ ΛΟΝΔΙΝΩ ΟΙ ΑΜΕΡΙΚΑΝΟΙ ΠΡΕΣΒΕΙΣ

ΒΑΣΙΓΚΤΩΝ, 9. (Ἀσ. Πρές). — Ἀνεκοινώθη σήμερον ὅτι ὁ ἀρχηγὸς τοῦ Στέιτ Ντηπάρτμεντ θὰ συναντηθῇ μετὰ τῶν πρέσβεων.

ΒΑΣΙΓΚΤΩΝ, 9. (Ἀσ. Πρές). — Ἀνεκοινώθη σήμερον ὅτι ὁ ἀρχηγὸς τοῦ Στέιτ Ντηπάρτμεντ θὰ συναντηθῇ μετὰ τῶν πρέσβεων.

ΠΩΣ ΕΙΔΕΝ ΕΝΑΣ ΠΙΛΟΤΟΣ ΤΗΝ ΕΚΡΗΞΙΝ ΗΦΑΙΣΤΕΙΟΥ ΕΙΣ ΤΗΝ ΙΝΔΟΝΗΣΙΑΝ

ΣΙΓΚΑΠΟΥΡΗ, 9. (Ἀσ. Πρές). — Πιλότος ἀεροπλάνου περιέγραψε τὴν ἔκρηξιν ἡφαιστείου εἰς τὴν Ἰνδονησίαν.

ΣΙΓΚΑΠΟΥΡΗ, 9. (Ἀσ. Πρές). — Πιλότος ἀεροπλάνου περιέγραψε τὴν ἔκρηξιν ἡφαιστείου εἰς τὴν Ἰνδονησίαν.

ΣΙΓΚΑΠΟΥΡΗ, 9. (Ἀσ. Πρές). — Πιλότος ἀεροπλάνου περιέγραψε τὴν ἔκρηξιν ἡφαιστείου εἰς τὴν Ἰνδονησίαν.

ΒΟΜΒΑ ΕΡΡΙΦΘΗ ΕΙΣ ΤΑ ΓΡΑΦΕΙΑ ΤΗΣ «ΟΥΜΑΝΙΤΕ»

ΠΑΡΙΣΙΟΙ, 9. (Ἀσ. Πρές). — Ἀγνωστοι ἔρριψαν βόμβαν εἰς τὰ γραφεῖα τῆς κομμουνιστικῆς ἐφημερίδος.

ΠΑΡΙΣΙΟΙ, 9. (Ἀσ. Πρές). — Ἀγνωστοι ἔρριψαν βόμβαν εἰς τὰ γραφεῖα τῆς κομμουνιστικῆς ἐφημερίδος.

ΑΙ ΑΡΑΒΙΚΑΙ ΧΩΡΑΙ ΣΥΝΕΡΧΟΝΤΑΙ ΕΙΣ ΣΥΝΕΔΡΙΟΝ ΕΙΣ ΤΗΝ ΔΑΜΑΣΚΟΝ

ΔΑΜΑΣΚΟΣ, 9. (Ἀσ. Πρές). — Αἱ ἀραβικαὶ χῶραι θὰ συνέλθουν εἰς συνέδριον.

ΔΑΜΑΣΚΟΣ, 9. (Ἀσ. Πρές). — Αἱ ἀραβικαὶ χῶραι θὰ συνέλθουν εἰς συνέδριον.

ΤΟ ΕΙΣ ΧΡΥΣΟΝ ΑΠΟΘΕΜΑ ΤΗΣ ΔΥΤΙΚΗΣ ΓΕΡΜΑΝΙΑΣ

ΦΡΑΓΚΦΟΥΡΤΗ, 9. (Ἀσ. Πρές). — Τὸ ἀπόθεμα εἰς χρυσὸν τῆς Δυτικῆς Γερμανίας ηὐξήθη κατὰ τὸν Αὔγουστον.

ΦΡΑΓΚΦΟΥΡΤΗ, 9. (Ἀσ. Πρές). — Τὸ ἀπόθεμα εἰς χρυσὸν τῆς Δυτικῆς Γερμανίας ηὐξήθη κατὰ τὸν Αὔγουστον.

ΣΥΝΟΜΙΛΙΑ ΤΟΥ ΜΙΚΟΓΙΑΝ ΜΕ ΕΝΑ ΓΕΡΟΥΣΙΑΣΤΗΝ

ΜΟΣΧΑ, 9. (Ἀσ. Πρές). — Ὁ Ἀναστὰς Μικογιὰν συνωμίλησε μετ' Ἀμερικανοῦ γερουσιαστοῦ.

ΟΙ ΟΙΝΟΠΑΡΑΓΩΓΟΙ ΖΗΤΟΥΝ ΔΑΝΕΙΑ

ΑΘΗΝΑΙ, 9. — Ὁ πρόεδρος τῆς Συνομοσπονδίας τῶν οἰνοπαραγωγῶν ἐζήτησε τὴν χορήγησιν δανείων.

ΑΘΗΝΑΙ, 9. — Ὁ πρόεδρος τῆς Συνομοσπονδίας τῶν οἰνοπαραγωγῶν ἐζήτησε τὴν χορήγησιν δανείων.

Η «ΜΙΣ ΑΜΕΡΙΚΗ»

ΑΤΛΑΝΤΙΚ ΣΙΤΥ, 9. (Ἀσ. Πρές). — Χθὲς τὴν νύκτα ἐξελέγη «Μὶς Ἀμερικὴ» ἡ 19ετὴς Μέριλυν Βὰν Ντέρμπουρ.

ΚΑΤΟΡΘΩΜΑ ΥΠΟΒΡΥΧΙΟΥ ΚΥΝΗΓΟΥ

Ὁ κολυμβητὴς κ. Ζαφείρης ἀλίευσε κάτω ἀπὸ τὴν θάλασσαν τεράστιον ψάρι βάρους 50 κιλῶν.
